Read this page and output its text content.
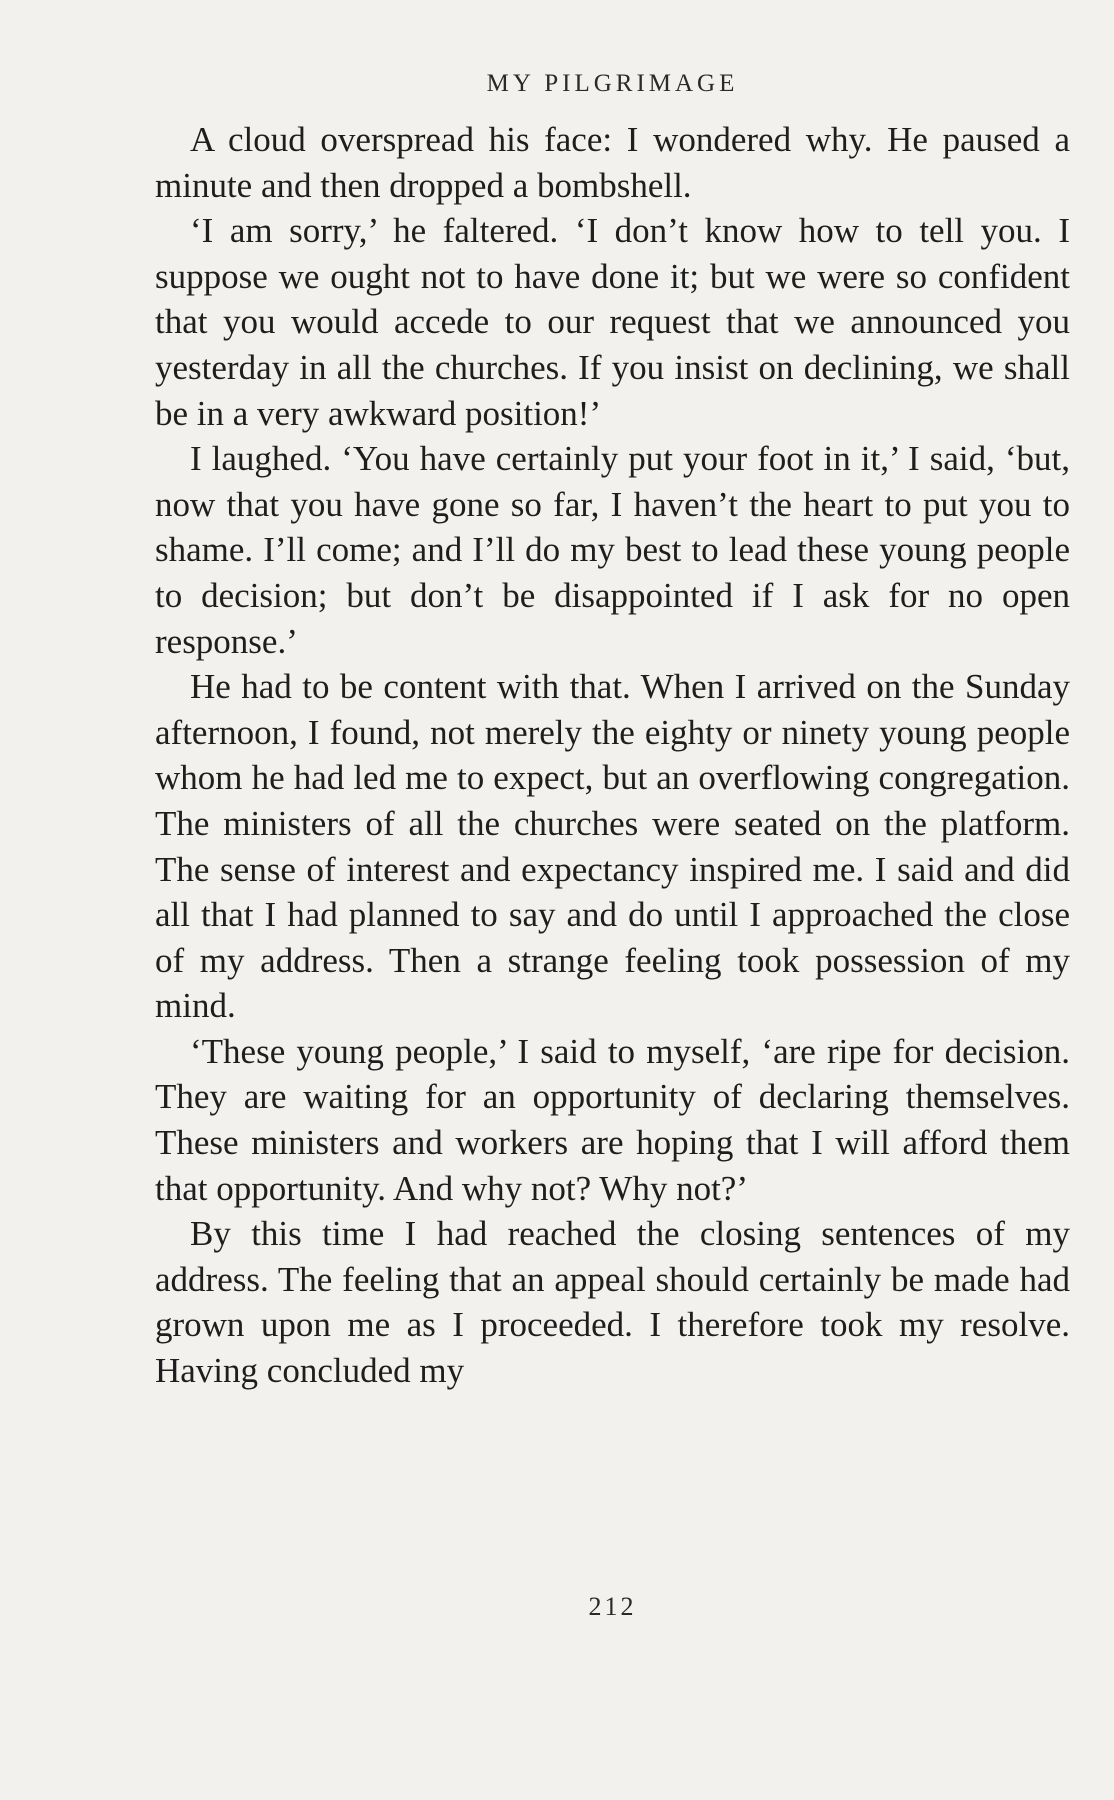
MY PILGRIMAGE

A cloud overspread his face: I wondered why. He paused a minute and then dropped a bombshell.

‘I am sorry,’ he faltered. ‘I don’t know how to tell you. I suppose we ought not to have done it; but we were so confident that you would accede to our request that we announced you yesterday in all the churches. If you insist on declining, we shall be in a very awkward position!’

I laughed. ‘You have certainly put your foot in it,’ I said, ‘but, now that you have gone so far, I haven’t the heart to put you to shame. I’ll come; and I’ll do my best to lead these young people to decision; but don’t be disappointed if I ask for no open response.’

He had to be content with that. When I arrived on the Sunday afternoon, I found, not merely the eighty or ninety young people whom he had led me to expect, but an overflowing congregation. The ministers of all the churches were seated on the platform. The sense of interest and expectancy inspired me. I said and did all that I had planned to say and do until I approached the close of my address. Then a strange feeling took possession of my mind.

‘These young people,’ I said to myself, ‘are ripe for decision. They are waiting for an opportunity of declaring themselves. These ministers and workers are hoping that I will afford them that opportunity. And why not? Why not?’

By this time I had reached the closing sentences of my address. The feeling that an appeal should certainly be made had grown upon me as I proceeded. I therefore took my resolve. Having concluded my

212
